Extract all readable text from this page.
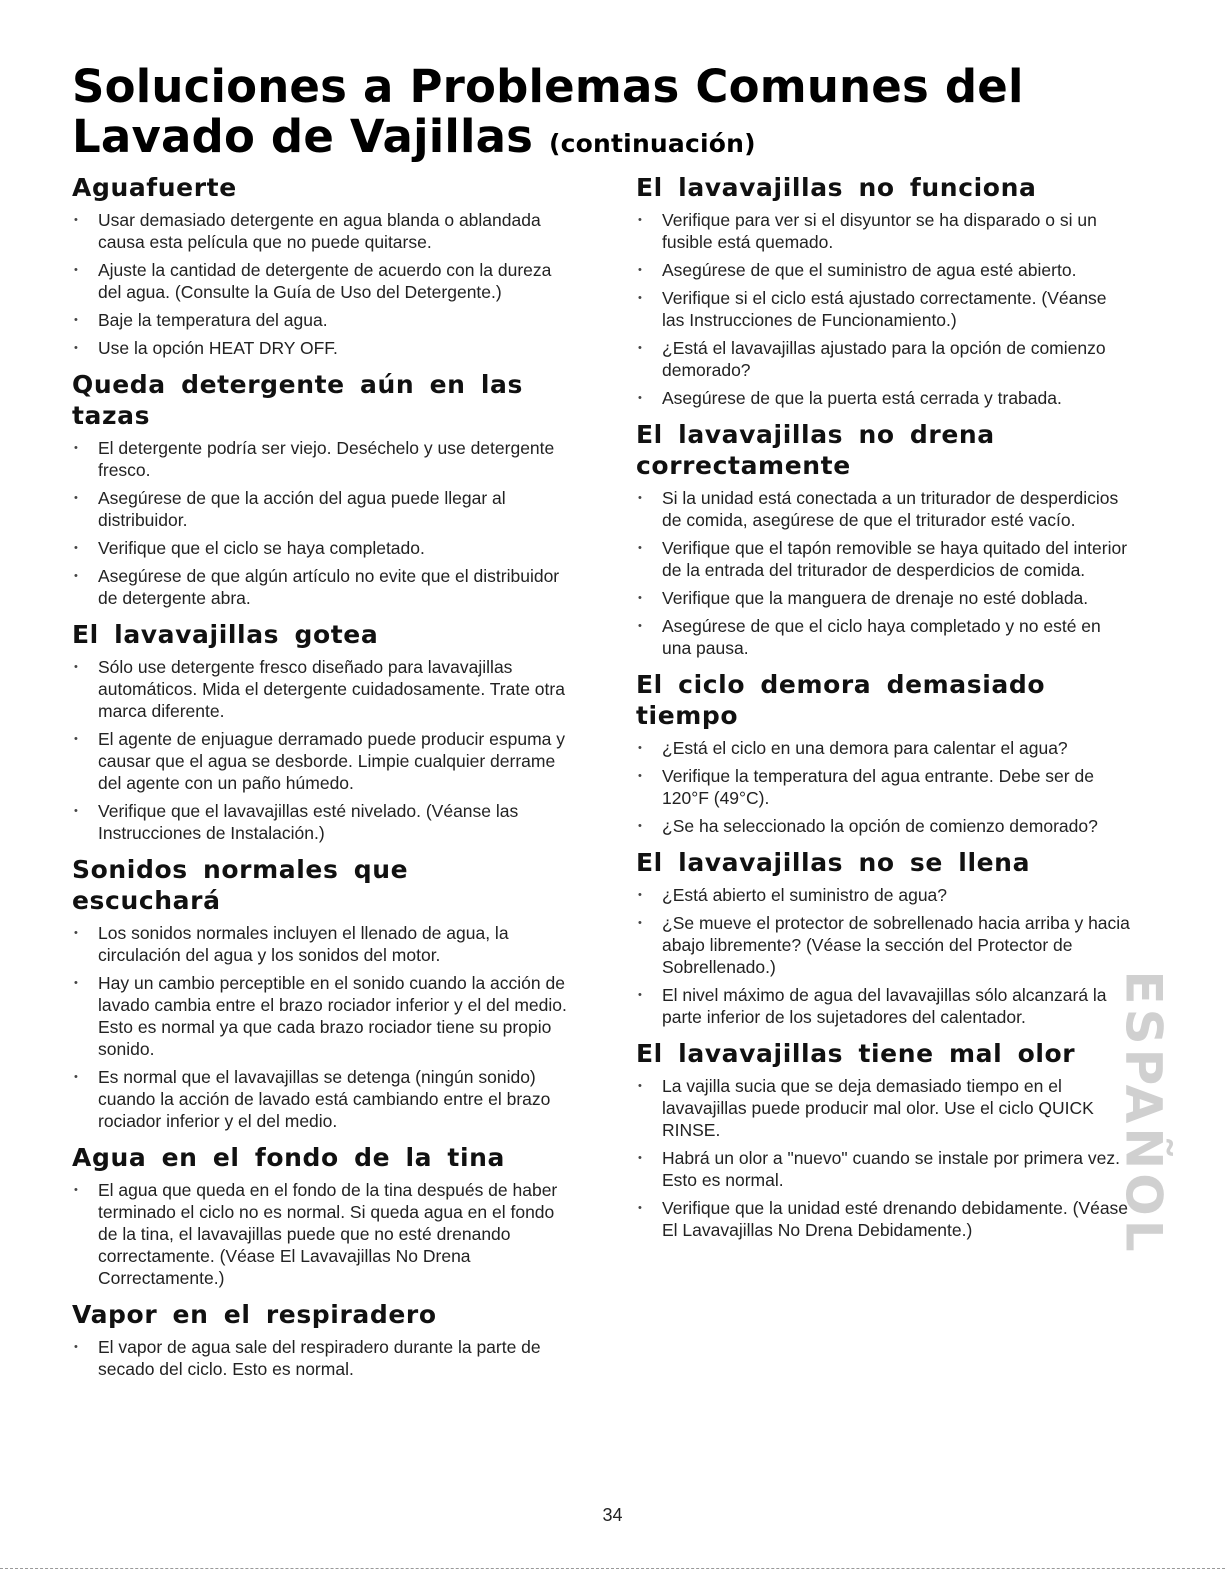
Soluciones a Problemas Comunes del Lavado de Vajillas (continuación)
Aguafuerte
• Usar demasiado detergente en agua blanda o ablandada causa esta película que no puede quitarse.
• Ajuste la cantidad de detergente de acuerdo con la dureza del agua. (Consulte la Guía de Uso del Detergente.)
• Baje la temperatura del agua.
• Use la opción HEAT DRY OFF.
Queda detergente aún en las tazas
• El detergente podría ser viejo. Deséchelo y use detergente fresco.
• Asegúrese de que la acción del agua puede llegar al distribuidor.
• Verifique que el ciclo se haya completado.
• Asegúrese de que algún artículo no evite que el distribuidor de detergente abra.
El lavavajillas gotea
• Sólo use detergente fresco diseñado para lavavajillas automáticos. Mida el detergente cuidadosamente. Trate otra marca diferente.
• El agente de enjuague derramado puede producir espuma y causar que el agua se desborde. Limpie cualquier derrame del agente con un paño húmedo.
• Verifique que el lavavajillas esté nivelado. (Véanse las Instrucciones de Instalación.)
Sonidos normales que escuchará
• Los sonidos normales incluyen el llenado de agua, la circulación del agua y los sonidos del motor.
• Hay un cambio perceptible en el sonido cuando la acción de lavado cambia entre el brazo rociador inferior y el del medio. Esto es normal ya que cada brazo rociador tiene su propio sonido.
• Es normal que el lavavajillas se detenga (ningún sonido) cuando la acción de lavado está cambiando entre el brazo rociador inferior y el del medio.
Agua en el fondo de la tina
• El agua que queda en el fondo de la tina después de haber terminado el ciclo no es normal. Si queda agua en el fondo de la tina, el lavavajillas puede que no esté drenando correctamente. (Véase El Lavavajillas No Drena Correctamente.)
Vapor en el respiradero
• El vapor de agua sale del respiradero durante la parte de secado del ciclo. Esto es normal.
El lavavajillas no funciona
• Verifique para ver si el disyuntor se ha disparado o si un fusible está quemado.
• Asegúrese de que el suministro de agua esté abierto.
• Verifique si el ciclo está ajustado correctamente. (Véanse las Instrucciones de Funcionamiento.)
• ¿Está el lavavajillas ajustado para la opción de comienzo demorado?
• Asegúrese de que la puerta está cerrada y trabada.
El lavavajillas no drena correctamente
• Si la unidad está conectada a un triturador de desperdicios de comida, asegúrese de que el triturador esté vacío.
• Verifique que el tapón removible se haya quitado del interior de la entrada del triturador de desperdicios de comida.
• Verifique que la manguera de drenaje no esté doblada.
• Asegúrese de que el ciclo haya completado y no esté en una pausa.
El ciclo demora demasiado tiempo
• ¿Está el ciclo en una demora para calentar el agua?
• Verifique la temperatura del agua entrante. Debe ser de 120°F (49°C).
• ¿Se ha seleccionado la opción de comienzo demorado?
El lavavajillas no se llena
• ¿Está abierto el suministro de agua?
• ¿Se mueve el protector de sobrellenado hacia arriba y hacia abajo libremente? (Véase la sección del Protector de Sobrellenado.)
• El nivel máximo de agua del lavavajillas sólo alcanzará la parte inferior de los sujetadores del calentador.
El lavavajillas tiene mal olor
• La vajilla sucia que se deja demasiado tiempo en el lavavajillas puede producir mal olor. Use el ciclo QUICK RINSE.
• Habrá un olor a "nuevo" cuando se instale por primera vez. Esto es normal.
• Verifique que la unidad esté drenando debidamente. (Véase El Lavavajillas No Drena Debidamente.)	ESPAÑOL
34
